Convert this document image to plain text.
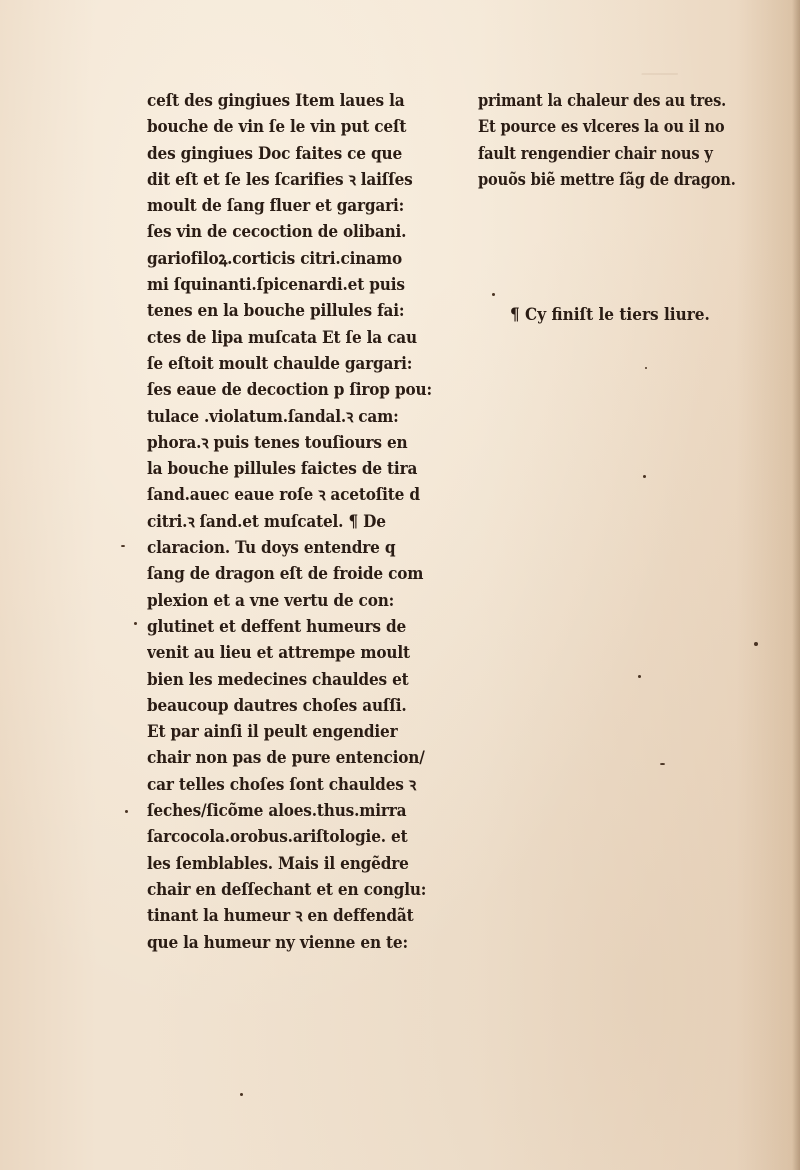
⸻
ceſt des gingiues Item laues la
bouche de vin ſe le vin put ceſt
des gingiues Doc faites ce que
dit eſt et ſe les ſcarifies ꝛ laiſſes
moult de ſang fluer et gargari:
ſes vin de cecoction de olibani.
gariofiloꝝ.corticis citri.cinamo
mi ſquinanti.ſpicenardi.et puis
tenes en la bouche pillules fai:
ctes de lipa muſcata Et ſe la cau
ſe eſtoit moult chaulde gargari:
ſes eaue de decoction p ſirop pou:
tulace .violatum.ſandal.ꝛ cam:
phora.ꝛ puis tenes touſiours en
la bouche pillules faictes de tira
ſand.auec eaue roſe ꝛ acetoſite d
citri.ꝛ ſand.et muſcatel. ¶ De
claracion. Tu doys entendre q
ſang de dragon eſt de froide com
plexion et a vne vertu de con:
glutinet et deffent humeurs de
venit au lieu et attrempe moult
bien les medecines chauldes et
beaucoup dautres choſes auſſi.
Et par ainſi il peult engendier
chair non pas de pure entencion/
car telles choſes ſont chauldes ꝛ
ſeches/ſicõme aloes.thus.mirra
ſarcocola.orobus.ariſtologie. et
les ſemblables. Mais il engẽdre
chair en deſſechant et en conglu:
tinant la humeur ꝛ en deffendãt
que la humeur ny vienne en te:
primant la chaleur des au tres.
Et pource es vlceres la ou il no
fault rengendier chair nous y
pouõs biẽ mettre ſãg de dragon.
¶ Cy finiſt le tiers liure.
